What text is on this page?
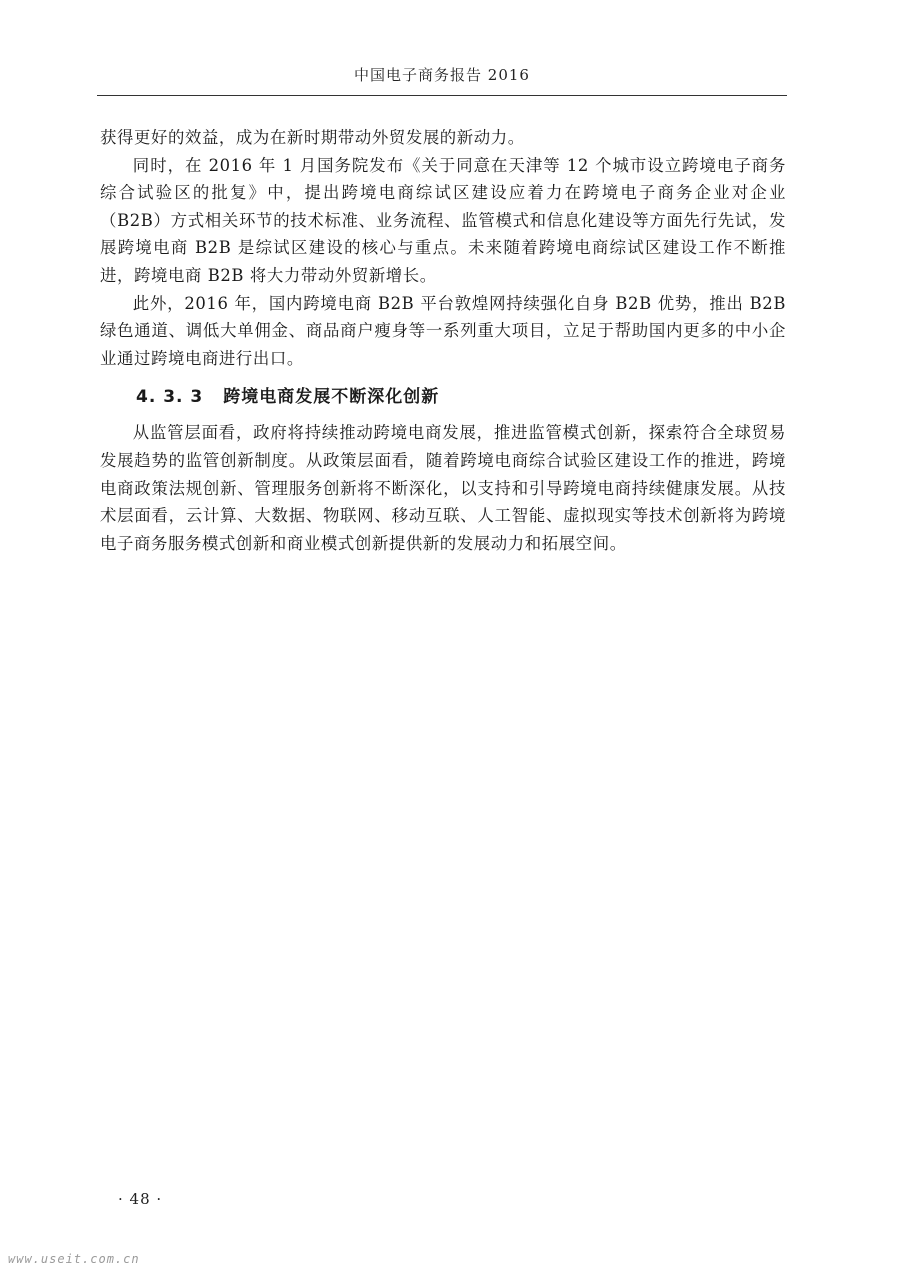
中国电子商务报告 2016

获得更好的效益，成为在新时期带动外贸发展的新动力。

同时，在 2016 年 1 月国务院发布《关于同意在天津等 12 个城市设立跨境电子商务综合试验区的批复》中，提出跨境电商综试区建设应着力在跨境电子商务企业对企业（B2B）方式相关环节的技术标准、业务流程、监管模式和信息化建设等方面先行先试，发展跨境电商 B2B 是综试区建设的核心与重点。未来随着跨境电商综试区建设工作不断推进，跨境电商 B2B 将大力带动外贸新增长。

此外，2016 年，国内跨境电商 B2B 平台敦煌网持续强化自身 B2B 优势，推出 B2B 绿色通道、调低大单佣金、商品商户瘦身等一系列重大项目，立足于帮助国内更多的中小企业通过跨境电商进行出口。

4. 3. 3 跨境电商发展不断深化创新

从监管层面看，政府将持续推动跨境电商发展，推进监管模式创新，探索符合全球贸易发展趋势的监管创新制度。从政策层面看，随着跨境电商综合试验区建设工作的推进，跨境电商政策法规创新、管理服务创新将不断深化，以支持和引导跨境电商持续健康发展。从技术层面看，云计算、大数据、物联网、移动互联、人工智能、虚拟现实等技术创新将为跨境电子商务服务模式创新和商业模式创新提供新的发展动力和拓展空间。

· 48 ·
www.useit.com.cn
